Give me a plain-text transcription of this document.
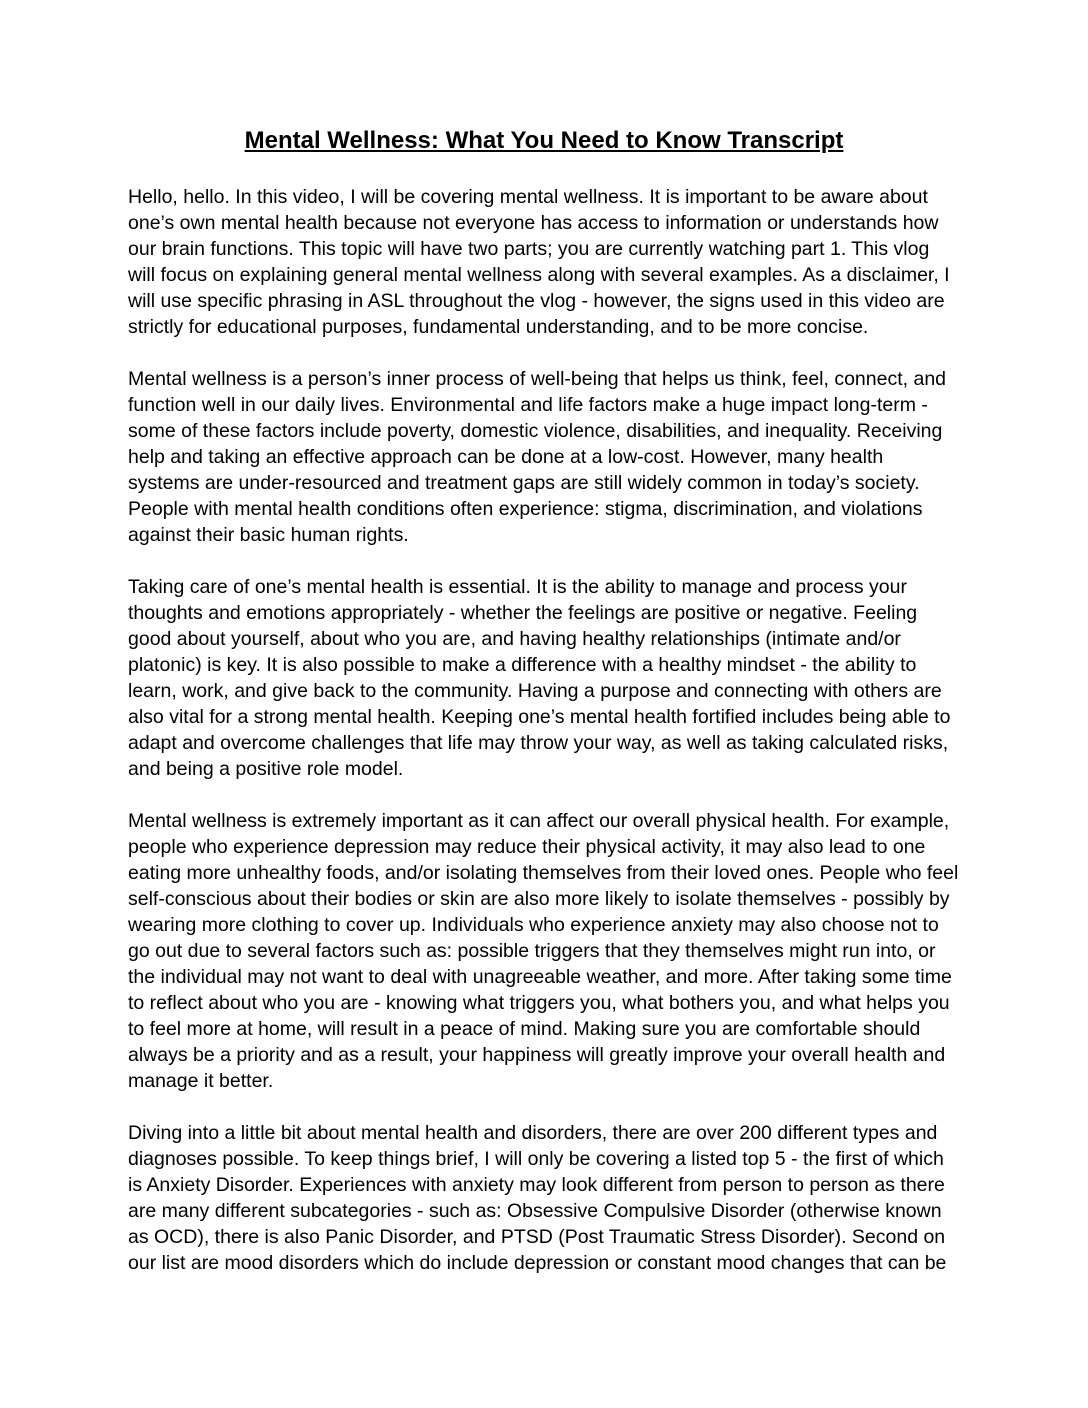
Mental Wellness: What You Need to Know Transcript

Hello, hello. In this video, I will be covering mental wellness. It is important to be aware about one’s own mental health because not everyone has access to information or understands how our brain functions. This topic will have two parts; you are currently watching part 1. This vlog will focus on explaining general mental wellness along with several examples. As a disclaimer, I will use specific phrasing in ASL throughout the vlog - however, the signs used in this video are strictly for educational purposes, fundamental understanding, and to be more concise.

Mental wellness is a person’s inner process of well-being that helps us think, feel, connect, and function well in our daily lives. Environmental and life factors make a huge impact long-term - some of these factors include poverty, domestic violence, disabilities, and inequality. Receiving help and taking an effective approach can be done at a low-cost. However, many health systems are under-resourced and treatment gaps are still widely common in today’s society. People with mental health conditions often experience: stigma, discrimination, and violations against their basic human rights.

Taking care of one’s mental health is essential. It is the ability to manage and process your thoughts and emotions appropriately - whether the feelings are positive or negative. Feeling good about yourself, about who you are, and having healthy relationships (intimate and/or platonic) is key. It is also possible to make a difference with a healthy mindset - the ability to learn, work, and give back to the community. Having a purpose and connecting with others are also vital for a strong mental health. Keeping one’s mental health fortified includes being able to adapt and overcome challenges that life may throw your way, as well as taking calculated risks, and being a positive role model.

Mental wellness is extremely important as it can affect our overall physical health. For example, people who experience depression may reduce their physical activity, it may also lead to one eating more unhealthy foods, and/or isolating themselves from their loved ones. People who feel self-conscious about their bodies or skin are also more likely to isolate themselves - possibly by wearing more clothing to cover up. Individuals who experience anxiety may also choose not to go out due to several factors such as: possible triggers that they themselves might run into, or the individual may not want to deal with unagreeable weather, and more. After taking some time to reflect about who you are - knowing what triggers you, what bothers you, and what helps you to feel more at home, will result in a peace of mind. Making sure you are comfortable should always be a priority and as a result, your happiness will greatly improve your overall health and manage it better.

Diving into a little bit about mental health and disorders, there are over 200 different types and diagnoses possible. To keep things brief, I will only be covering a listed top 5 - the first of which is Anxiety Disorder. Experiences with anxiety may look different from person to person as there are many different subcategories - such as: Obsessive Compulsive Disorder (otherwise known as OCD), there is also Panic Disorder, and PTSD (Post Traumatic Stress Disorder). Second on our list are mood disorders which do include depression or constant mood changes that can be
